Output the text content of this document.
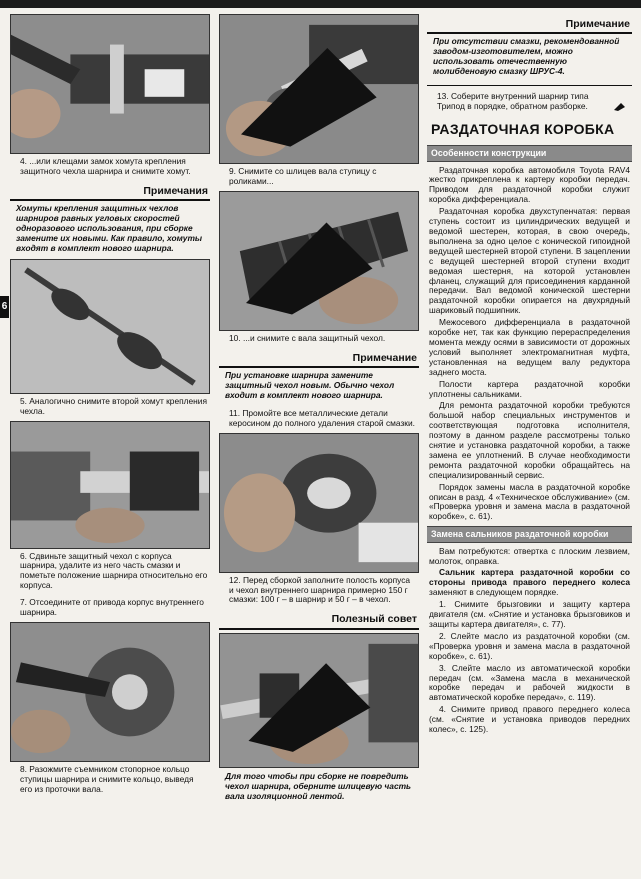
6
4. ...или клещами замок хомута крепления защитного чехла шарнира и снимите хомут.
Примечания
Хомуты крепления защитных чехлов шарниров равных угловых скоростей одноразового использования, при сборке замените их новыми. Как правило, хомуты входят в комплект нового шарнира.
5. Аналогично снимите второй хомут крепления чехла.
6. Сдвиньте защитный чехол с корпуса шарнира, удалите из него часть смазки и пометьте положение шарнира относительно его корпуса.
7. Отсоедините от привода корпус внутреннего шарнира.
8. Разожмите съемником стопорное кольцо ступицы шарнира и снимите кольцо, выведя его из проточки вала.
9. Снимите со шлицев вала ступицу с роликами...
10. ...и снимите с вала защитный чехол.
Примечание
При установке шарнира замените защитный чехол новым. Обычно чехол входит в комплект нового шарнира.
11. Промойте все металлические детали керосином до полного удаления старой смазки.
12. Перед сборкой заполните полость корпуса и чехол внутреннего шарнира примерно 150 г смазки: 100 г – в шарнир и 50 г – в чехол.
Полезный совет
Для того чтобы при сборке не повредить чехол шарнира, оберните шлицевую часть вала изоляционной лентой.
Примечание
При отсутствии смазки, рекомендованной заводом-изготовителем, можно использовать отечественную молибденовую смазку ШРУС-4.
13. Соберите внутренний шарнир типа Трипод в порядке, обратном разборке.
РАЗДАТОЧНАЯ КОРОБКА
Особенности конструкции
Раздаточная коробка автомобиля Toyota RAV4 жестко прикреплена к картеру коробки передач. Приводом для раздаточной коробки служит коробка дифференциала.
Раздаточная коробка двухступенчатая: первая ступень состоит из цилиндрических ведущей и ведомой шестерен, которая, в свою очередь, выполнена за одно целое с конической гипоидной ведущей шестерней второй ступени. В зацеплении с ведущей шестерней второй ступени входит ведомая шестерня, на которой установлен фланец, служащий для присоединения карданной передачи. Вал ведомой конической шестерни раздаточной коробки опирается на двухрядный шариковый подшипник.
Межосевого дифференциала в раздаточной коробке нет, так как функцию перераспределения момента между осями в зависимости от дорожных условий выполняет электромагнитная муфта, установленная на ведущем валу редуктора заднего моста.
Полости картера раздаточной коробки уплотнены сальниками.
Для ремонта раздаточной коробки требуются большой набор специальных инструментов и соответствующая подготовка исполнителя, поэтому в данном разделе рассмотрены только снятие и установка раздаточной коробки, а также замена ее уплотнений. В случае необходимости ремонта раздаточной коробки обращайтесь на специализированный сервис.
Порядок замены масла в раздаточной коробке описан в разд. 4 «Техническое обслуживание» (см. «Проверка уровня и замена масла в раздаточной коробке», с. 61).
Замена сальников раздаточной коробки
Вам потребуются: отвертка с плоским лезвием, молоток, оправка.
Сальник картера раздаточной коробки со стороны привода правого переднего колеса заменяют в следующем порядке.
1. Снимите брызговики и защиту картера двигателя (см. «Снятие и установка брызговиков и защиты картера двигателя», с. 77).
2. Слейте масло из раздаточной коробки (см. «Проверка уровня и замена масла в раздаточной коробке», с. 61).
3. Слейте масло из автоматической коробки передач (см. «Замена масла в механической коробке передач и рабочей жидкости в автоматической коробке передач», с. 119).
4. Снимите привод правого переднего колеса (см. «Снятие и установка приводов передних колес», с. 125).
